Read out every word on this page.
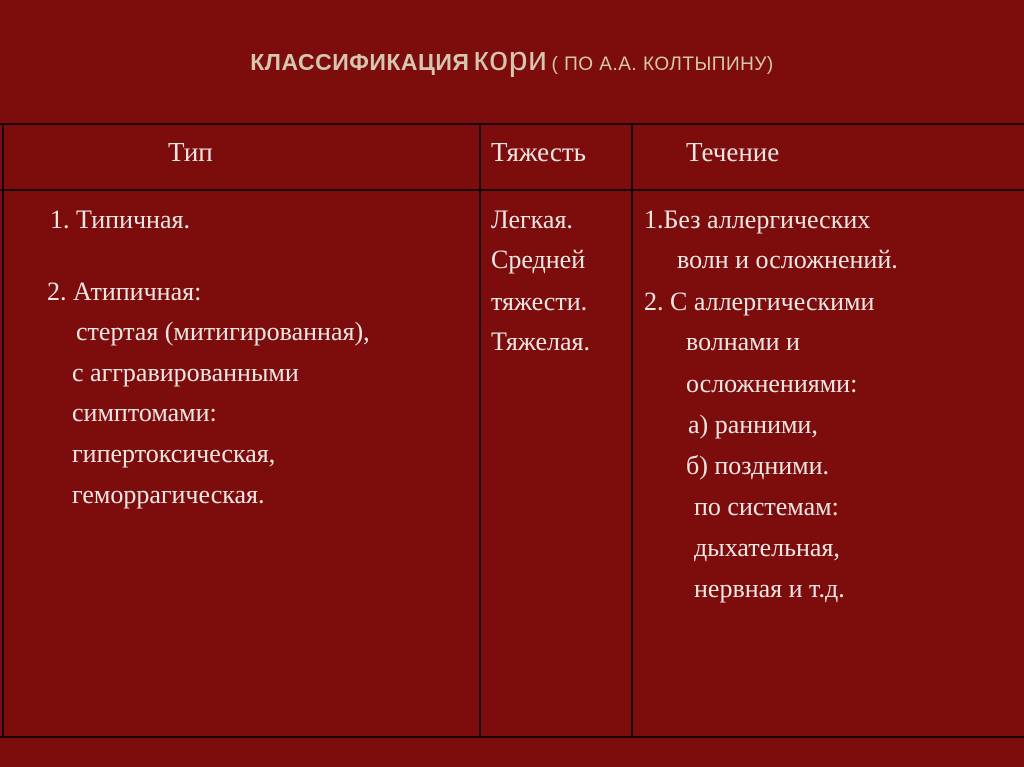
КЛАССИФИКАЦИЯ кори ( ПО А.А. КОЛТЫПИНУ)
Тип	Тяжесть	Течение
1. Типичная.
2. Атипичная:
стертая (митигированная),
с аггравированными
симптомами:
гипертоксическая,
геморрагическая.
Легкая.
Средней
тяжести.
Тяжелая.
1.Без аллергических
волн и осложнений.
2. С аллергическими
волнами и
осложнениями:
а) ранними,
б) поздними.
по системам:
дыхательная,
нервная и т.д.
